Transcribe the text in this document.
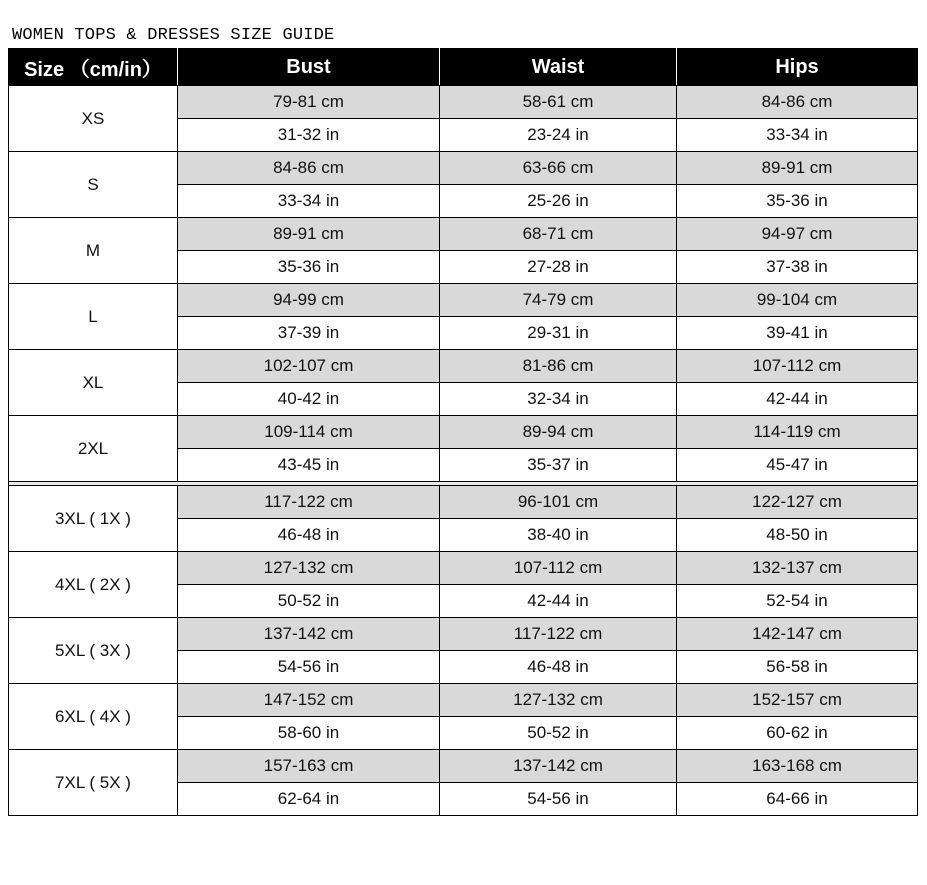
WOMEN TOPS & DRESSES SIZE GUIDE
Size （cm/in）	Bust	Waist	Hips
XS	79-81 cm	58-61 cm	84-86 cm
	31-32 in	23-24 in	33-34 in
S	84-86 cm	63-66 cm	89-91 cm
	33-34 in	25-26 in	35-36 in
M	89-91 cm	68-71 cm	94-97 cm
	35-36 in	27-28 in	37-38 in
L	94-99 cm	74-79 cm	99-104 cm
	37-39 in	29-31 in	39-41 in
XL	102-107 cm	81-86 cm	107-112 cm
	40-42 in	32-34 in	42-44 in
2XL	109-114 cm	89-94 cm	114-119 cm
	43-45 in	35-37 in	45-47 in

3XL ( 1X )	117-122 cm	96-101 cm	122-127 cm
	46-48 in	38-40 in	48-50 in
4XL ( 2X )	127-132 cm	107-112 cm	132-137 cm
	50-52 in	42-44 in	52-54 in
5XL ( 3X )	137-142 cm	117-122 cm	142-147 cm
	54-56 in	46-48 in	56-58 in
6XL ( 4X )	147-152 cm	127-132 cm	152-157 cm
	58-60 in	50-52 in	60-62 in
7XL ( 5X )	157-163 cm	137-142 cm	163-168 cm
	62-64 in	54-56 in	64-66 in
